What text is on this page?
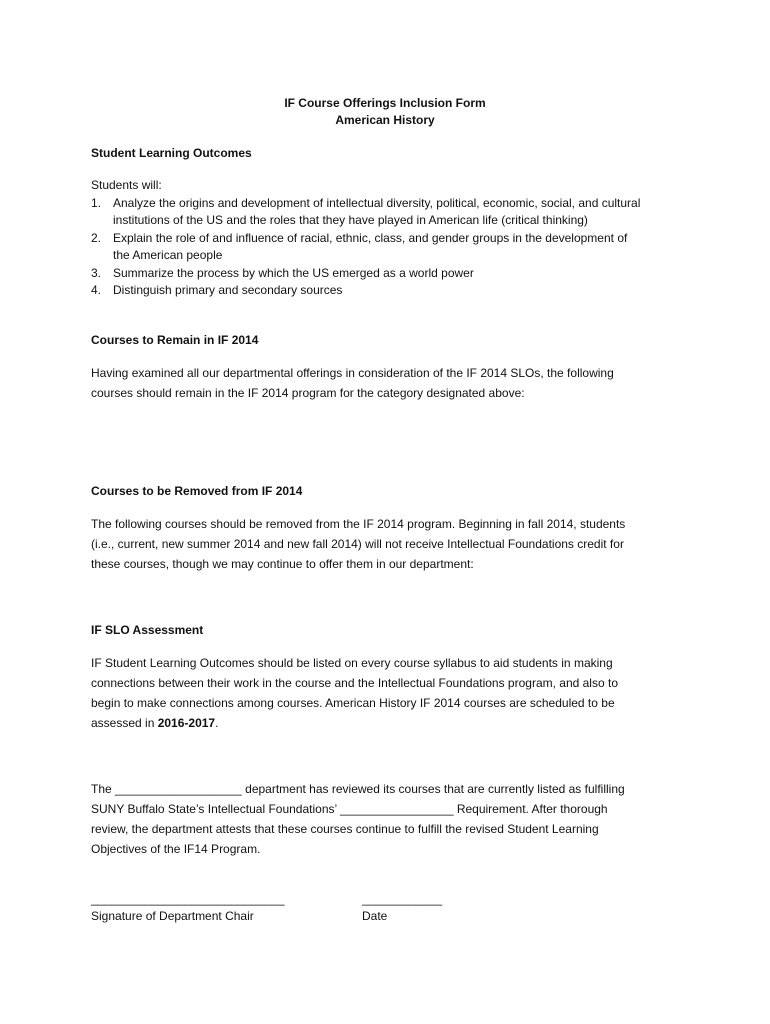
IF Course Offerings Inclusion Form
American History
Student Learning Outcomes
Students will:
1. Analyze the origins and development of intellectual diversity, political, economic, social, and cultural
institutions of the US and the roles that they have played in American life (critical thinking)
2. Explain the role of and influence of racial, ethnic, class, and gender groups in the development of
the American people
3. Summarize the process by which the US emerged as a world power
4. Distinguish primary and secondary sources
Courses to Remain in IF 2014
Having examined all our departmental offerings in consideration of the IF 2014 SLOs, the following
courses should remain in the IF 2014 program for the category designated above:
Courses to be Removed from IF 2014
The following courses should be removed from the IF 2014 program. Beginning in fall 2014, students
(i.e., current, new summer 2014 and new fall 2014) will not receive Intellectual Foundations credit for
these courses, though we may continue to offer them in our department:
IF SLO Assessment
IF Student Learning Outcomes should be listed on every course syllabus to aid students in making
connections between their work in the course and the Intellectual Foundations program, and also to
begin to make connections among courses. American History IF 2014 courses are scheduled to be
assessed in 2016-2017.
The ___________________ department has reviewed its courses that are currently listed as fulfilling
SUNY Buffalo State’s Intellectual Foundations’ _________________ Requirement. After thorough
review, the department attests that these courses continue to fulfill the revised Student Learning
Objectives of the IF14 Program.
_____________________________
Signature of Department Chair
____________
Date
